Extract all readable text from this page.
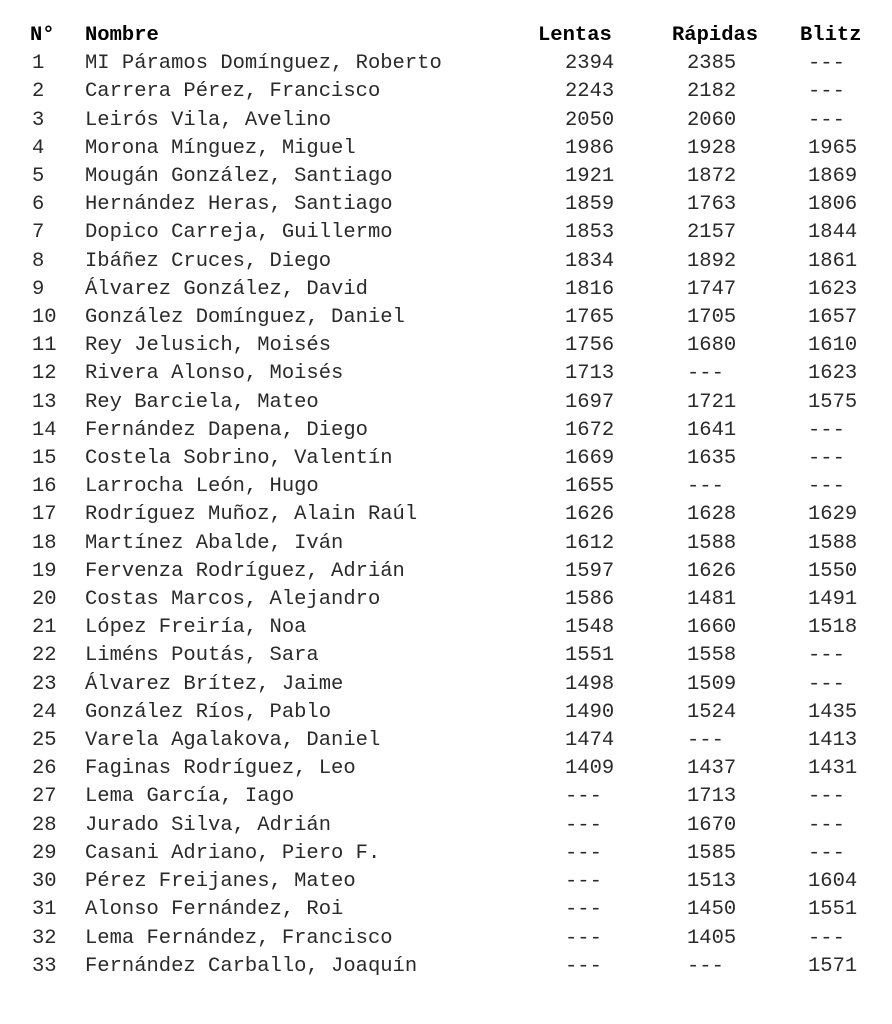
N°	Nombre	Lentas	Rápidas	Blitz
1	MI Páramos Domínguez, Roberto	2394	2385	---
2	Carrera Pérez, Francisco	2243	2182	---
3	Leirós Vila, Avelino	2050	2060	---
4	Morona Mínguez, Miguel	1986	1928	1965
5	Mougán González, Santiago	1921	1872	1869
6	Hernández Heras, Santiago	1859	1763	1806
7	Dopico Carreja, Guillermo	1853	2157	1844
8	Ibáñez Cruces, Diego	1834	1892	1861
9	Álvarez González, David	1816	1747	1623
10	González Domínguez, Daniel	1765	1705	1657
11	Rey Jelusich, Moisés	1756	1680	1610
12	Rivera Alonso, Moisés	1713	---	1623
13	Rey Barciela, Mateo	1697	1721	1575
14	Fernández Dapena, Diego	1672	1641	---
15	Costela Sobrino, Valentín	1669	1635	---
16	Larrocha León, Hugo	1655	---	---
17	Rodríguez Muñoz, Alain Raúl	1626	1628	1629
18	Martínez Abalde, Iván	1612	1588	1588
19	Fervenza Rodríguez, Adrián	1597	1626	1550
20	Costas Marcos, Alejandro	1586	1481	1491
21	López Freiría, Noa	1548	1660	1518
22	Liméns Poutás, Sara	1551	1558	---
23	Álvarez Brítez, Jaime	1498	1509	---
24	González Ríos, Pablo	1490	1524	1435
25	Varela Agalakova, Daniel	1474	---	1413
26	Faginas Rodríguez, Leo	1409	1437	1431
27	Lema García, Iago	---	1713	---
28	Jurado Silva, Adrián	---	1670	---
29	Casani Adriano, Piero F.	---	1585	---
30	Pérez Freijanes, Mateo	---	1513	1604
31	Alonso Fernández, Roi	---	1450	1551
32	Lema Fernández, Francisco	---	1405	---
33	Fernández Carballo, Joaquín	---	---	1571
